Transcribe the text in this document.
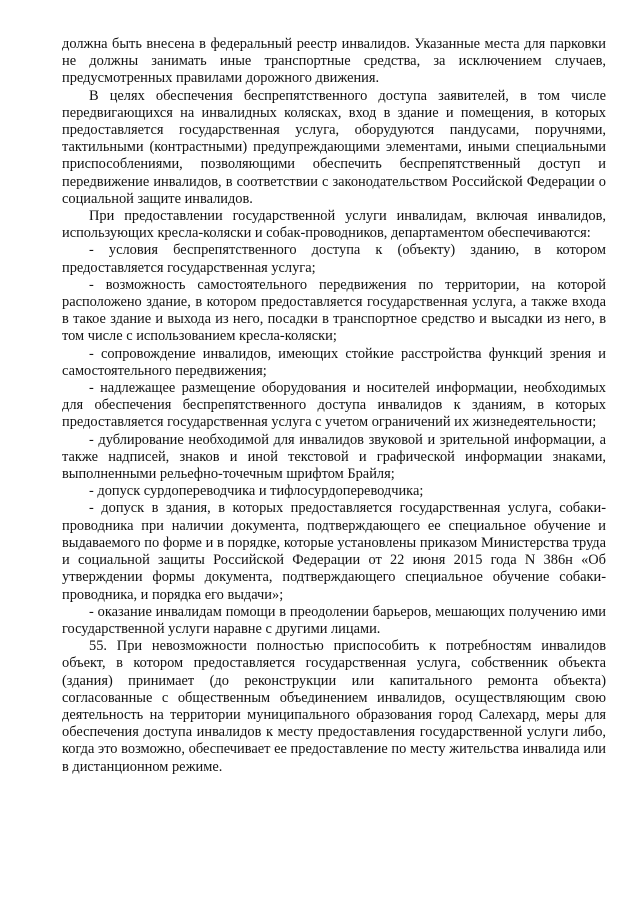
должна быть внесена в федеральный реестр инвалидов. Указанные места для парковки не должны занимать иные транспортные средства, за исключением случаев, предусмотренных правилами дорожного движения.

В целях обеспечения беспрепятственного доступа заявителей, в том числе передвигающихся на инвалидных колясках, вход в здание и помещения, в которых предоставляется государственная услуга, оборудуются пандусами, поручнями, тактильными (контрастными) предупреждающими элементами, иными специальными приспособлениями, позволяющими обеспечить беспрепятственный доступ и передвижение инвалидов, в соответствии с законодательством Российской Федерации о социальной защите инвалидов.

При предоставлении государственной услуги инвалидам, включая инвалидов, использующих кресла-коляски и собак-проводников, департаментом обеспечиваются:

- условия беспрепятственного доступа к (объекту) зданию, в котором предоставляется государственная услуга;

- возможность самостоятельного передвижения по территории, на которой расположено здание, в котором предоставляется государственная услуга, а также входа в такое здание и выхода из него, посадки в транспортное средство и высадки из него, в том числе с использованием кресла-коляски;

- сопровождение инвалидов, имеющих стойкие расстройства функций зрения и самостоятельного передвижения;

- надлежащее размещение оборудования и носителей информации, необходимых для обеспечения беспрепятственного доступа инвалидов к зданиям, в которых предоставляется государственная услуга с учетом ограничений их жизнедеятельности;

- дублирование необходимой для инвалидов звуковой и зрительной информации, а также надписей, знаков и иной текстовой и графической информации знаками, выполненными рельефно-точечным шрифтом Брайля;

- допуск сурдопереводчика и тифлосурдопереводчика;

- допуск в здания, в которых предоставляется государственная услуга, собаки-проводника при наличии документа, подтверждающего ее специальное обучение и выдаваемого по форме и в порядке, которые установлены приказом Министерства труда и социальной защиты Российской Федерации от 22 июня 2015 года N 386н «Об утверждении формы документа, подтверждающего специальное обучение собаки-проводника, и порядка его выдачи»;

- оказание инвалидам помощи в преодолении барьеров, мешающих получению ими государственной услуги наравне с другими лицами.

55. При невозможности полностью приспособить к потребностям инвалидов объект, в котором предоставляется государственная услуга, собственник объекта (здания) принимает (до реконструкции или капитального ремонта объекта) согласованные с общественным объединением инвалидов, осуществляющим свою деятельность на территории муниципального образования город Салехард, меры для обеспечения доступа инвалидов к месту предоставления государственной услуги либо, когда это возможно, обеспечивает ее предоставление по месту жительства инвалида или в дистанционном режиме.
